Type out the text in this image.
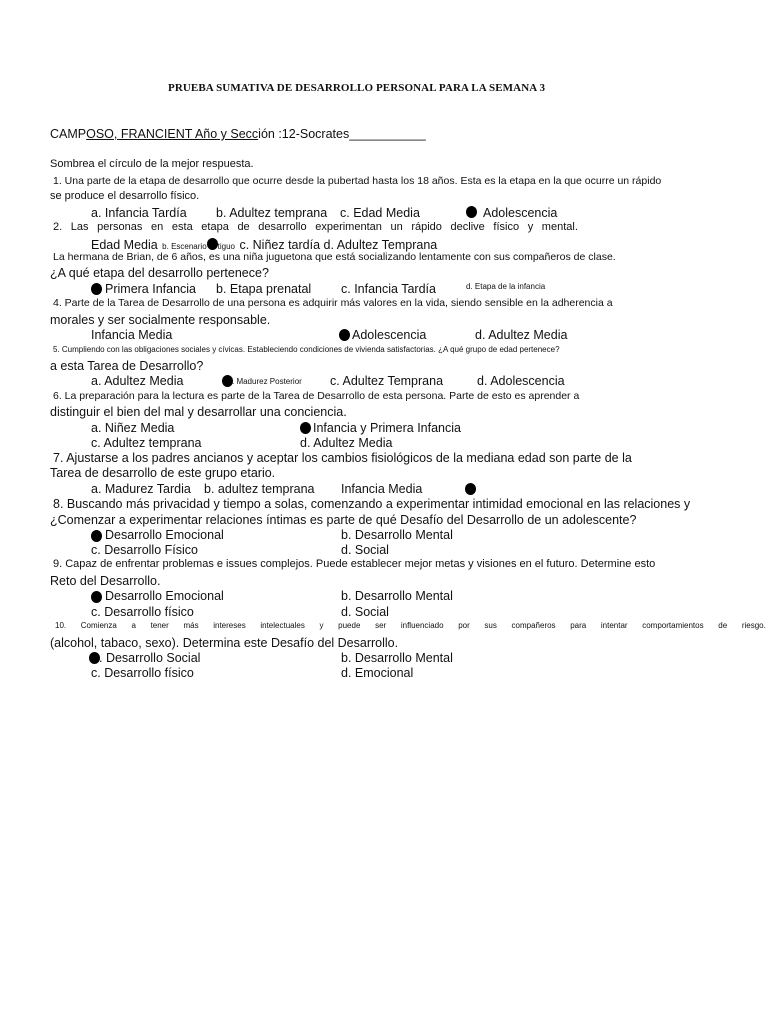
PRUEBA SUMATIVA DE DESARROLLO PERSONAL PARA LA SEMANA 3
CAMPOSO, FRANCIENT Año y Sección :12-Socrates___________
Sombrea el círculo de la mejor respuesta.
1. Una parte de la etapa de desarrollo que ocurre desde la pubertad hasta los 18 años. Esta es la etapa en la que ocurre un rápido
se produce el desarrollo físico.
a. Infancia Tardía b. Adultez temprana c. Edad Media	Adolescencia
2. Las personas en esta etapa de desarrollo experimentan un rápido declive físico y mental.
Edad Media b. Escenario tiguo c. Niñez tardía d. Adultez Temprana
La hermana de Brian, de 6 años, es una niña juguetona que está socializando lentamente con sus compañeros de clase.
¿A qué etapa del desarrollo pertenece?
Primera Infancia b. Etapa prenatal c. Infancia Tardía	d. Etapa de la infancia
4. Parte de la Tarea de Desarrollo de una persona es adquirir más valores en la vida, siendo sensible en la adherencia a
morales y ser socialmente responsable.
Infancia Media	Adolescencia	d. Adultez Media
5. Cumpliendo con las obligaciones sociales y cívicas. Estableciendo condiciones de vivienda satisfactorias. ¿A qué grupo de edad pertenece?
a esta Tarea de Desarrollo?
a. Adultez Media	. Madurez Posterior c. Adultez Temprana	d. Adolescencia
6. La preparación para la lectura es parte de la Tarea de Desarrollo de esta persona. Parte de esto es aprender a
distinguir el bien del mal y desarrollar una conciencia.
a. Niñez Media	Infancia y Primera Infancia
c. Adultez temprana	d. Adultez Media
7. Ajustarse a los padres ancianos y aceptar los cambios fisiológicos de la mediana edad son parte de la
Tarea de desarrollo de este grupo etario.
a. Madurez Tardia b. adultez temprana Infancia Media
8. Buscando más privacidad y tiempo a solas, comenzando a experimentar intimidad emocional en las relaciones y
¿Comenzar a experimentar relaciones íntimas es parte de qué Desafío del Desarrollo de un adolescente?
Desarrollo Emocional	b. Desarrollo Mental
c. Desarrollo Físico	d. Social
9. Capaz de enfrentar problemas e issues complejos. Puede establecer mejor metas y visiones en el futuro. Determine esto
Reto del Desarrollo.
Desarrollo Emocional	b. Desarrollo Mental
c. Desarrollo físico	d. Social
10. Comienza a tener más intereses intelectuales y puede ser influenciado por sus compañeros para intentar comportamientos de riesgo.
(alcohol, tabaco, sexo). Determina este Desafío del Desarrollo.
. Desarrollo Social	b. Desarrollo Mental
c. Desarrollo físico	d. Emocional
